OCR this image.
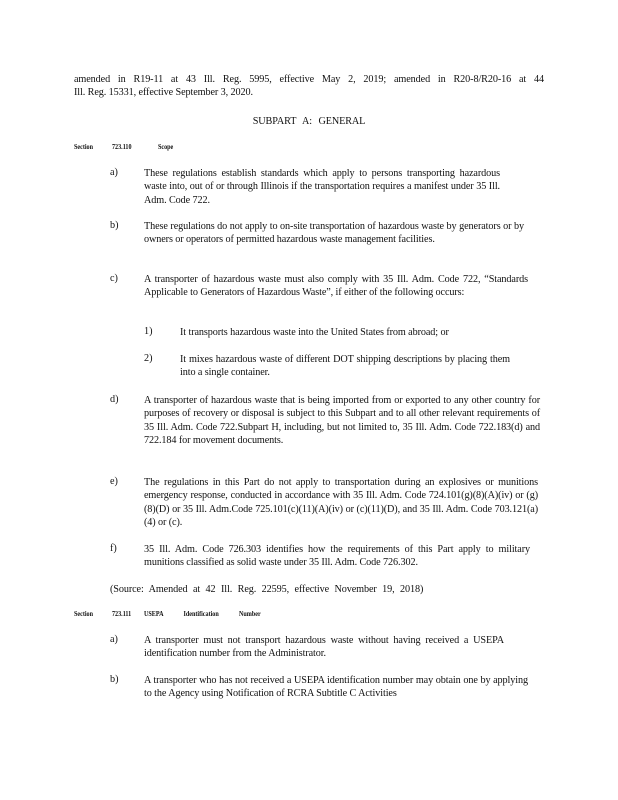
amended in R19-11 at 43 Ill. Reg. 5995, effective May 2, 2019; amended in R20-8/R20-16 at 44
Ill. Reg. 15331, effective September 3, 2020.
SUBPART A: GENERAL
Section	723.110	Scope
a)	These regulations establish standards which apply to persons transporting hazardous waste into, out of or through Illinois if the transportation requires a manifest under 35 Ill. Adm. Code 722.
b)	These regulations do not apply to on-site transportation of hazardous waste by generators or by owners or operators of permitted hazardous waste management facilities.
c)	A transporter of hazardous waste must also comply with 35 Ill. Adm. Code 722, “Standards Applicable to Generators of Hazardous Waste”, if either of the following occurs:
1)	It transports hazardous waste into the United States from abroad; or
2)	It mixes hazardous waste of different DOT shipping descriptions by placing them into a single container.
d)	A transporter of hazardous waste that is being imported from or exported to any other country for purposes of recovery or disposal is subject to this Subpart and to all other relevant requirements of 35 Ill. Adm. Code 722.Subpart H, including, but not limited to, 35 Ill. Adm. Code 722.183(d) and 722.184 for movement documents.
e)	The regulations in this Part do not apply to transportation during an explosives or munitions emergency response, conducted in accordance with 35 Ill. Adm. Code 724.101(g)(8)(A)(iv) or (g)(8)(D) or 35 Ill. Adm.Code 725.101(c)(11)(A)(iv) or (c)(11)(D), and 35 Ill. Adm. Code 703.121(a)(4) or (c).
f)	35 Ill. Adm. Code 726.303 identifies how the requirements of this Part apply to military munitions classified as solid waste under 35 Ill. Adm. Code 726.302.
(Source: Amended at 42 Ill. Reg. 22595, effective November 19, 2018)
Section	723.111 USEPA Identification Number
a)	A transporter must not transport hazardous waste without having received a USEPA identification number from the Administrator.
b)	A transporter who has not received a USEPA identification number may obtain one by applying to the Agency using Notification of RCRA Subtitle C Activities
